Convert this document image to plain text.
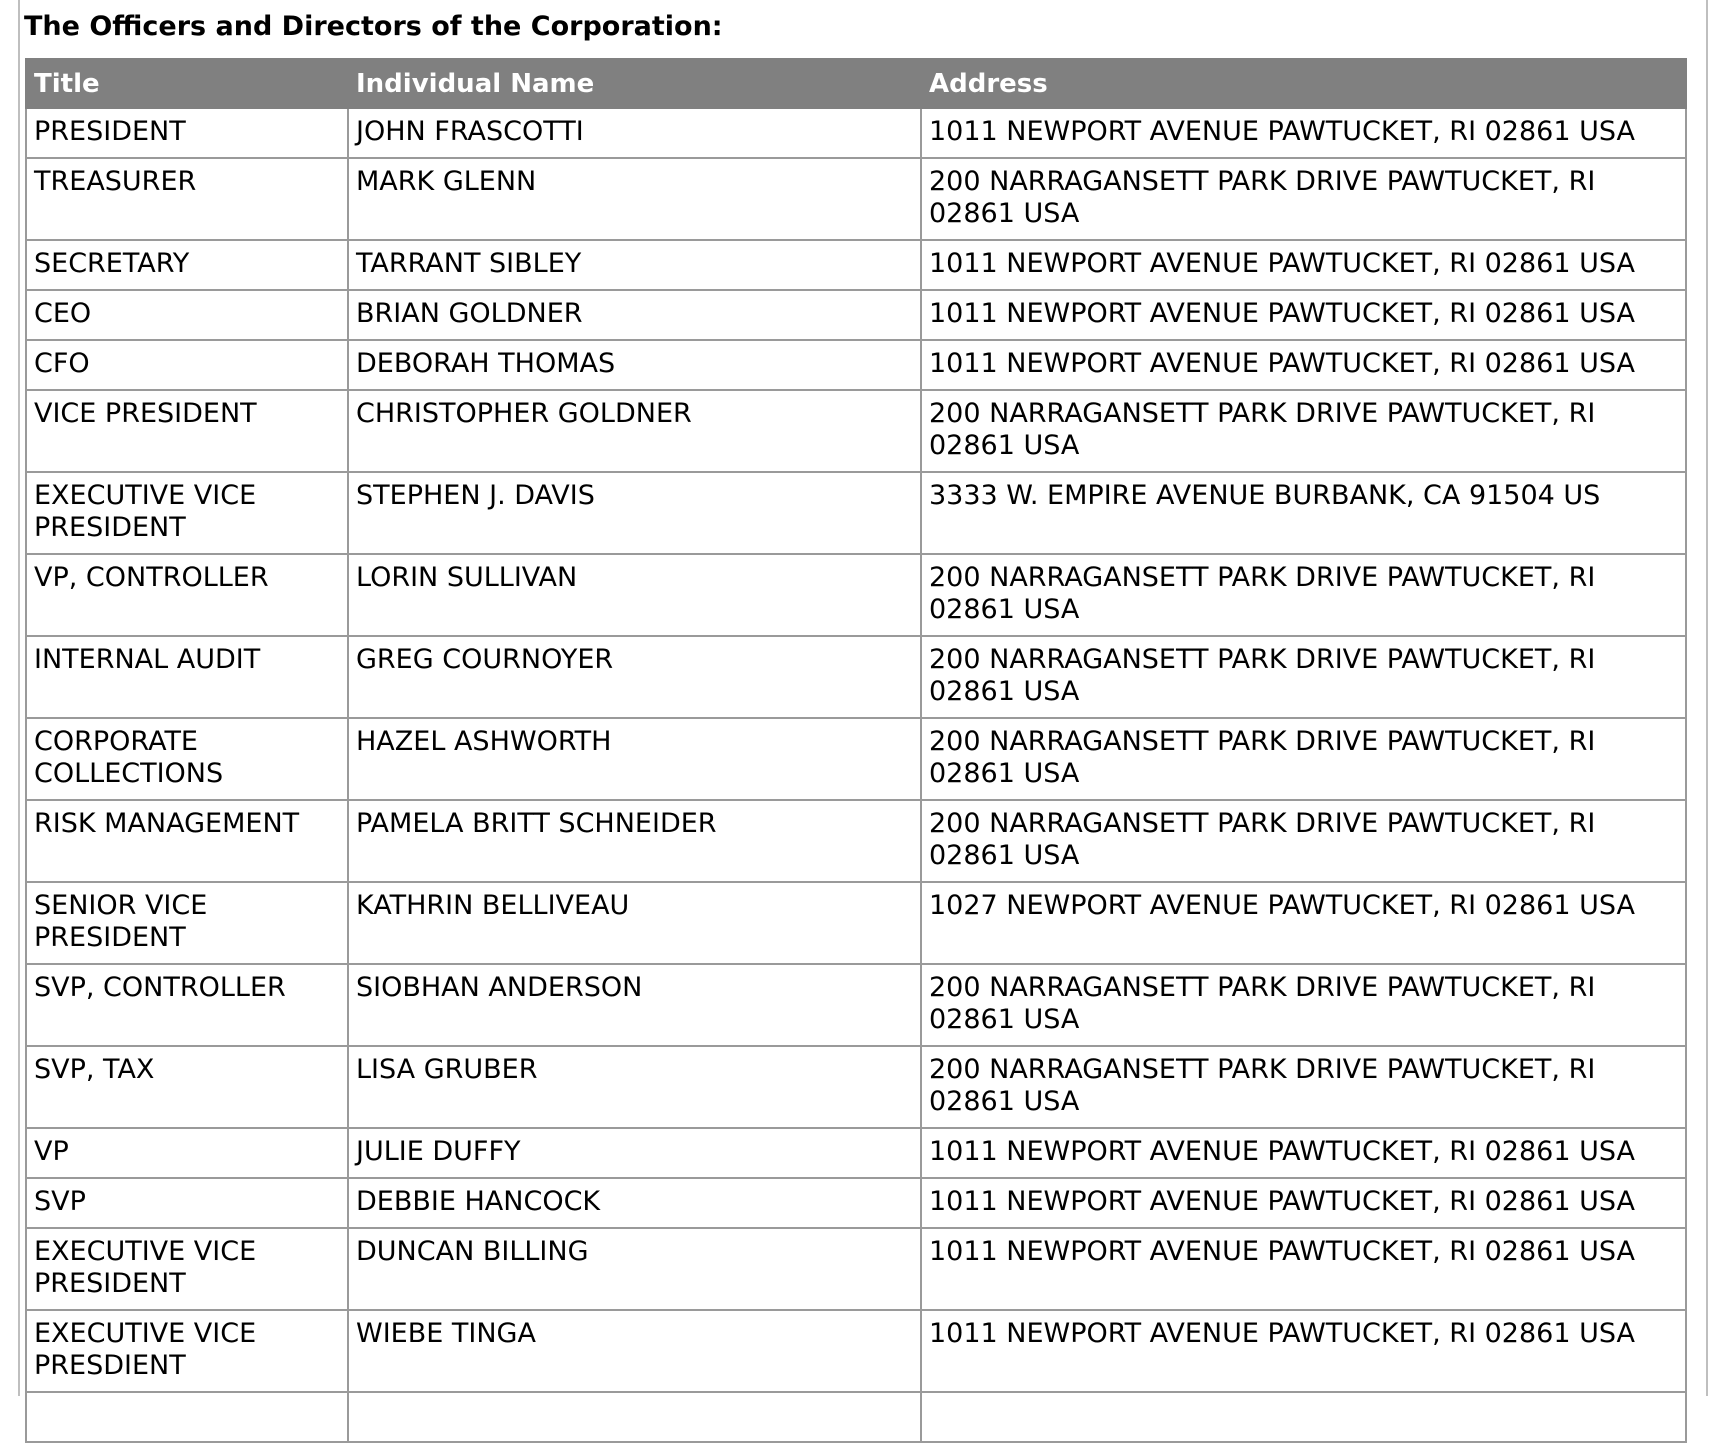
The Officers and Directors of the Corporation:
Title	Individual Name	Address
PRESIDENT	JOHN FRASCOTTI	1011 NEWPORT AVENUE PAWTUCKET, RI 02861 USA
TREASURER	MARK GLENN	200 NARRAGANSETT PARK DRIVE PAWTUCKET, RI 02861 USA
SECRETARY	TARRANT SIBLEY	1011 NEWPORT AVENUE PAWTUCKET, RI 02861 USA
CEO	BRIAN GOLDNER	1011 NEWPORT AVENUE PAWTUCKET, RI 02861 USA
CFO	DEBORAH THOMAS	1011 NEWPORT AVENUE PAWTUCKET, RI 02861 USA
VICE PRESIDENT	CHRISTOPHER GOLDNER	200 NARRAGANSETT PARK DRIVE PAWTUCKET, RI 02861 USA
EXECUTIVE VICE PRESIDENT	STEPHEN J. DAVIS	3333 W. EMPIRE AVENUE BURBANK, CA 91504 US
VP, CONTROLLER	LORIN SULLIVAN	200 NARRAGANSETT PARK DRIVE PAWTUCKET, RI 02861 USA
INTERNAL AUDIT	GREG COURNOYER	200 NARRAGANSETT PARK DRIVE PAWTUCKET, RI 02861 USA
CORPORATE COLLECTIONS	HAZEL ASHWORTH	200 NARRAGANSETT PARK DRIVE PAWTUCKET, RI 02861 USA
RISK MANAGEMENT	PAMELA BRITT SCHNEIDER	200 NARRAGANSETT PARK DRIVE PAWTUCKET, RI 02861 USA
SENIOR VICE PRESIDENT	KATHRIN BELLIVEAU	1027 NEWPORT AVENUE PAWTUCKET, RI 02861 USA
SVP, CONTROLLER	SIOBHAN ANDERSON	200 NARRAGANSETT PARK DRIVE PAWTUCKET, RI 02861 USA
SVP, TAX	LISA GRUBER	200 NARRAGANSETT PARK DRIVE PAWTUCKET, RI 02861 USA
VP	JULIE DUFFY	1011 NEWPORT AVENUE PAWTUCKET, RI 02861 USA
SVP	DEBBIE HANCOCK	1011 NEWPORT AVENUE PAWTUCKET, RI 02861 USA
EXECUTIVE VICE PRESIDENT	DUNCAN BILLING	1011 NEWPORT AVENUE PAWTUCKET, RI 02861 USA
EXECUTIVE VICE PRESDIENT	WIEBE TINGA	1011 NEWPORT AVENUE PAWTUCKET, RI 02861 USA
